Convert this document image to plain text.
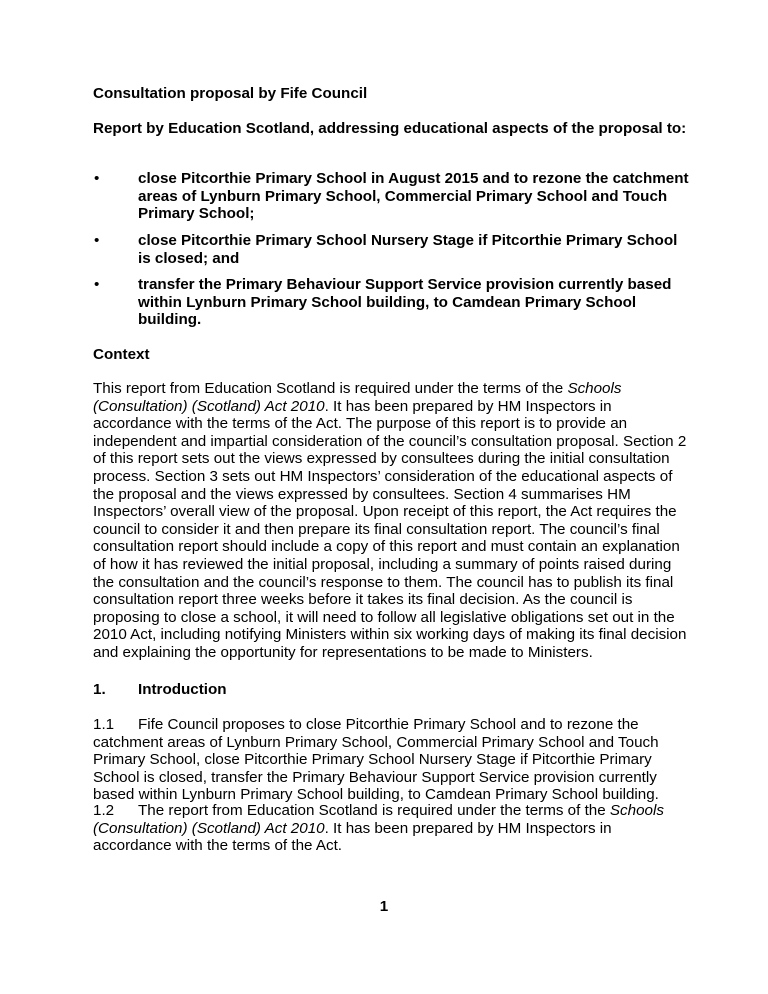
Consultation proposal by Fife Council

Report by Education Scotland, addressing educational aspects of the proposal to:

•	close Pitcorthie Primary School in August 2015 and to rezone the catchment areas of Lynburn Primary School, Commercial Primary School and Touch Primary School;
•	close Pitcorthie Primary School Nursery Stage if Pitcorthie Primary School is closed; and
•	transfer the Primary Behaviour Support Service provision currently based within Lynburn Primary School building, to Camdean Primary School building.

Context

This report from Education Scotland is required under the terms of the Schools (Consultation) (Scotland) Act 2010. It has been prepared by HM Inspectors in accordance with the terms of the Act. The purpose of this report is to provide an independent and impartial consideration of the council’s consultation proposal. Section 2 of this report sets out the views expressed by consultees during the initial consultation process. Section 3 sets out HM Inspectors’ consideration of the educational aspects of the proposal and the views expressed by consultees. Section 4 summarises HM Inspectors’ overall view of the proposal. Upon receipt of this report, the Act requires the council to consider it and then prepare its final consultation report. The council’s final consultation report should include a copy of this report and must contain an explanation of how it has reviewed the initial proposal, including a summary of points raised during the consultation and the council’s response to them. The council has to publish its final consultation report three weeks before it takes its final decision. As the council is proposing to close a school, it will need to follow all legislative obligations set out in the 2010 Act, including notifying Ministers within six working days of making its final decision and explaining the opportunity for representations to be made to Ministers.

1. Introduction

1.1 Fife Council proposes to close Pitcorthie Primary School and to rezone the catchment areas of Lynburn Primary School, Commercial Primary School and Touch Primary School, close Pitcorthie Primary School Nursery Stage if Pitcorthie Primary School is closed, transfer the Primary Behaviour Support Service provision currently based within Lynburn Primary School building, to Camdean Primary School building.

1.2 The report from Education Scotland is required under the terms of the Schools (Consultation) (Scotland) Act 2010. It has been prepared by HM Inspectors in accordance with the terms of the Act.

1
